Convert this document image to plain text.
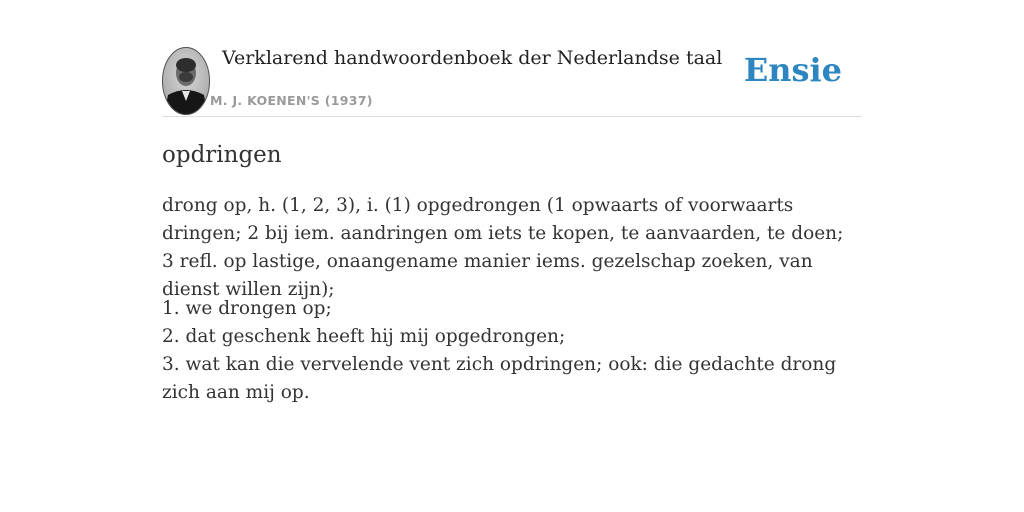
Verklarend handwoordenboek der Nederlandse taal
M. J. KOENEN'S (1937)
Ensie
opdringen
drong op, h. (1, 2, 3), i. (1) opgedrongen (1 opwaarts of voorwaarts dringen; 2 bij iem. aandringen om iets te kopen, te aanvaarden, te doen; 3 refl. op lastige, onaangename manier iems. gezelschap zoeken, van dienst willen zijn);
1. we drongen op;
2. dat geschenk heeft hij mij opgedrongen;
3. wat kan die vervelende vent zich opdringen; ook: die gedachte drong zich aan mij op.
